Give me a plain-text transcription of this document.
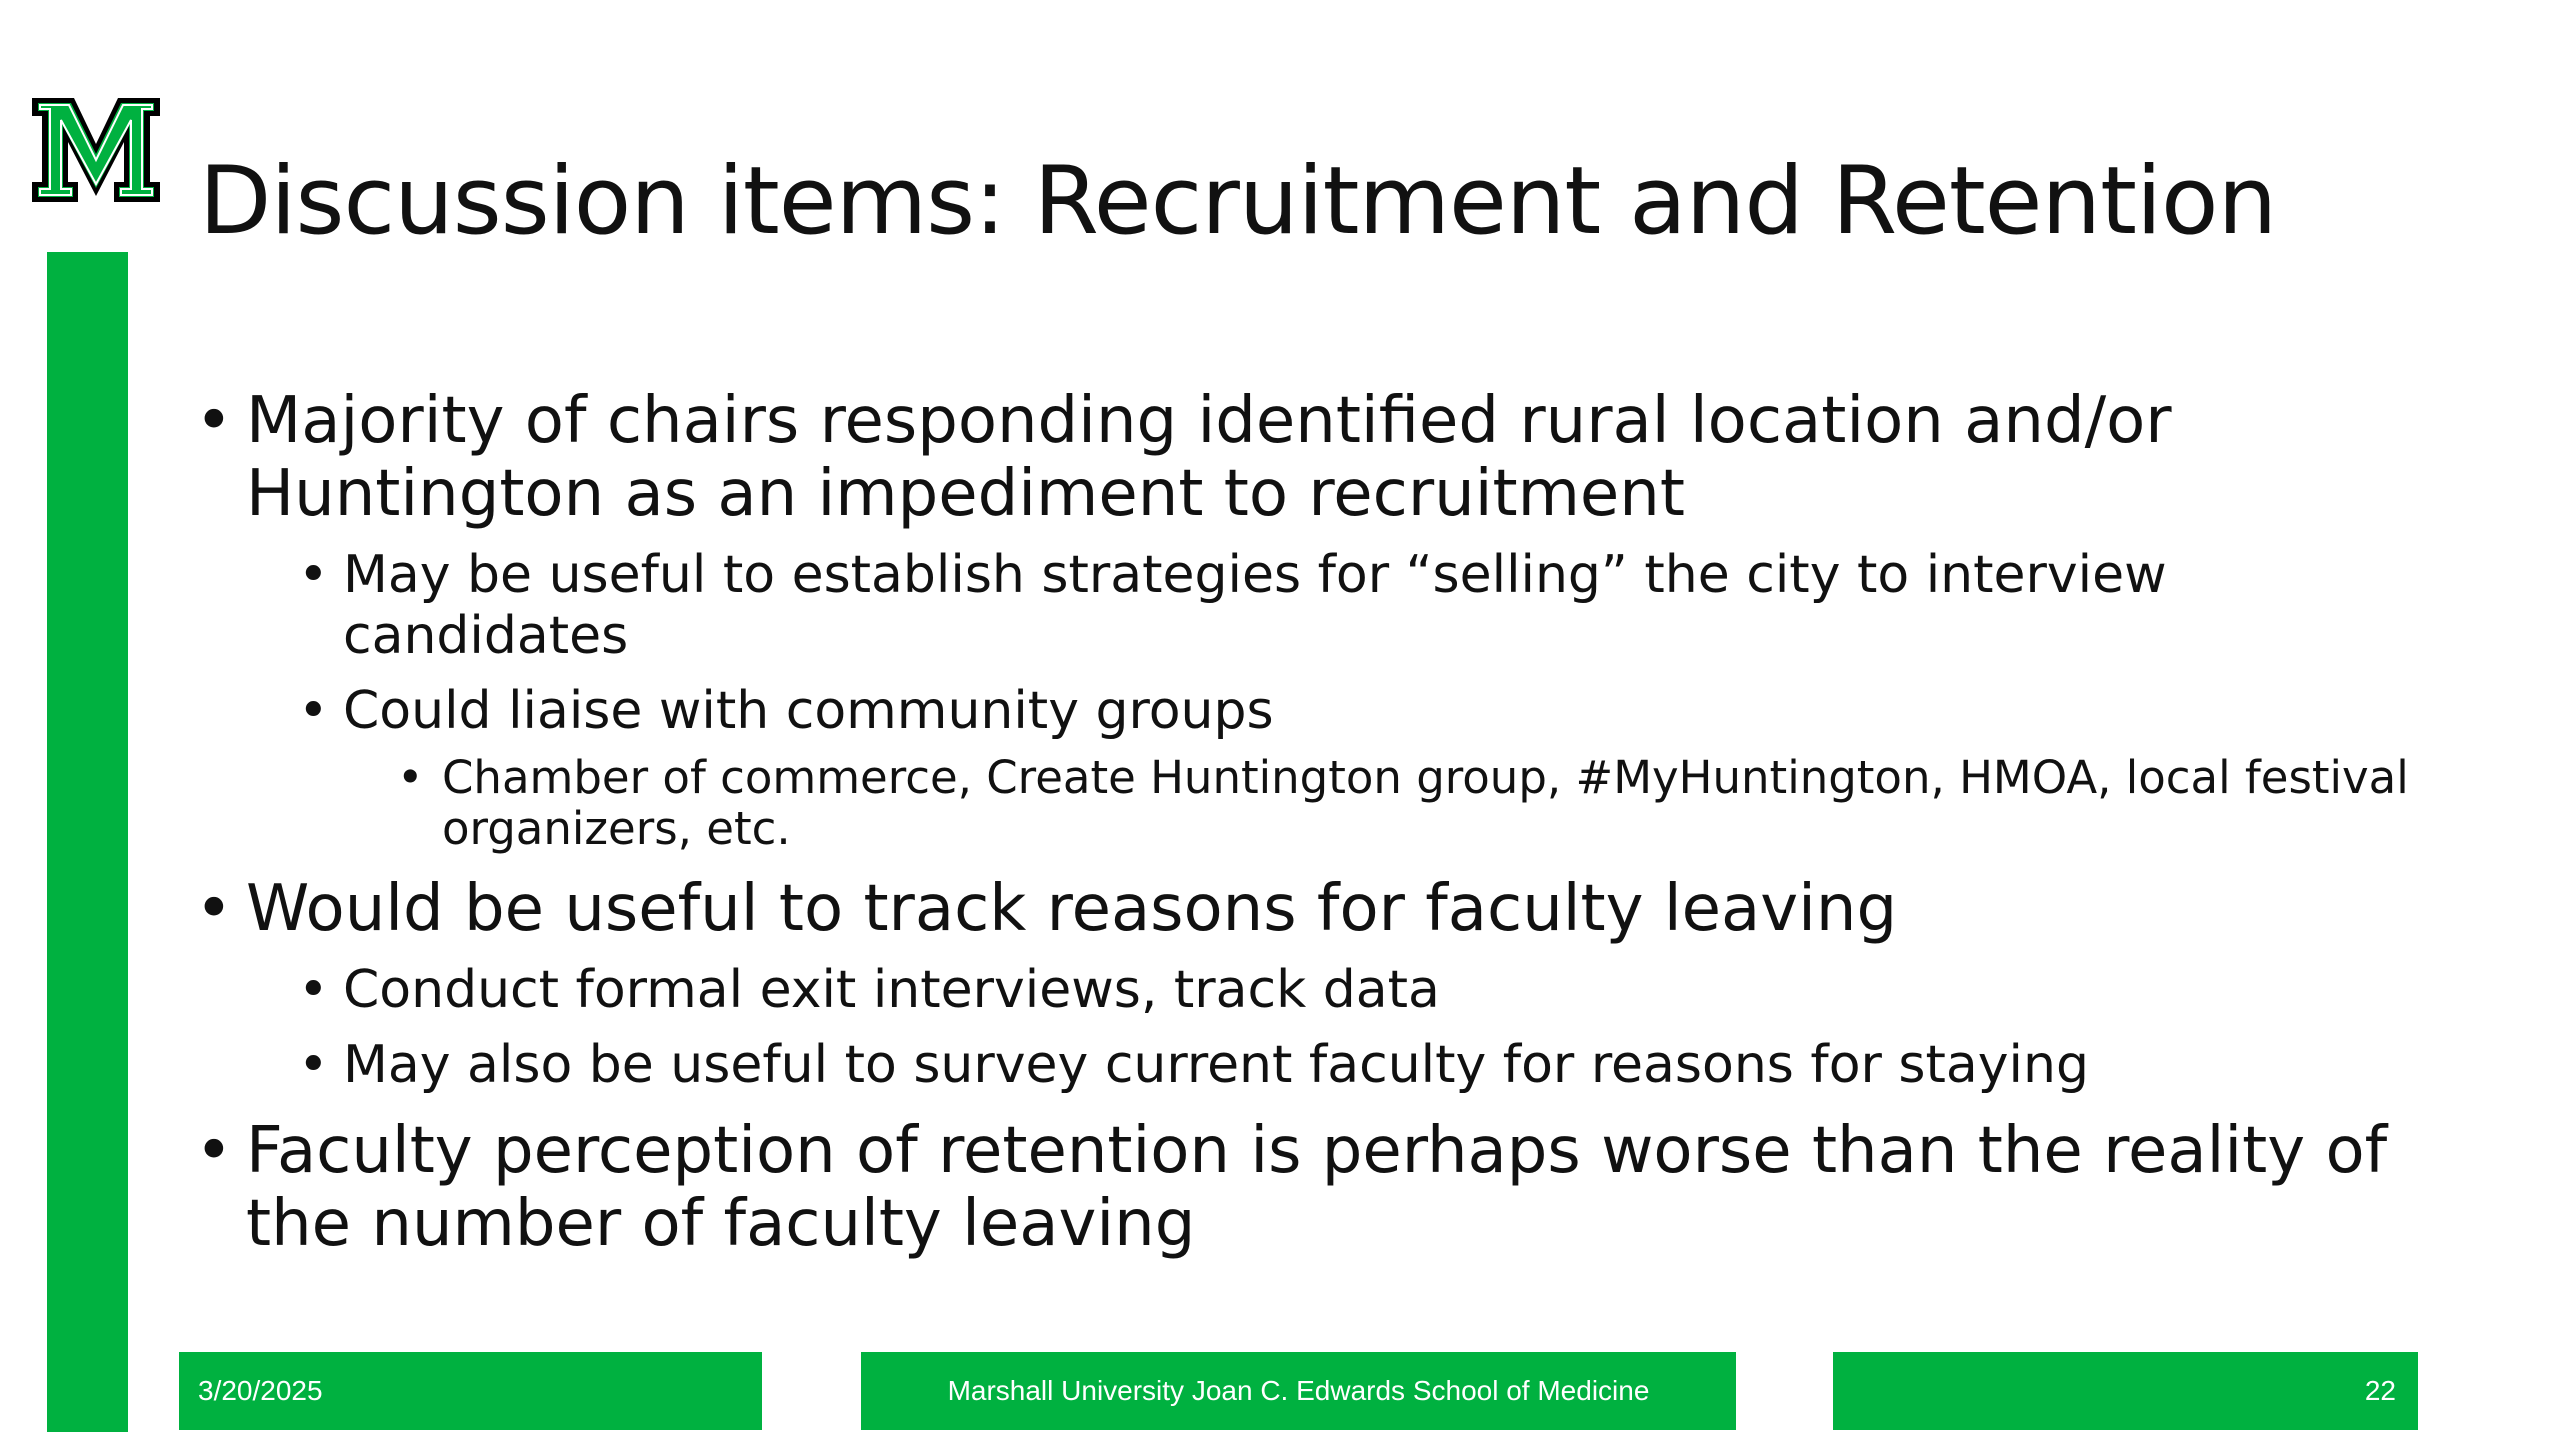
Discussion items: Recruitment and Retention
• Majority of chairs responding identified rural location and/or Huntington as an impediment to recruitment
• May be useful to establish strategies for “selling” the city to interview candidates
• Could liaise with community groups
• Chamber of commerce, Create Huntington group, #MyHuntington, HMOA, local festival organizers, etc.
• Would be useful to track reasons for faculty leaving
• Conduct formal exit interviews, track data
• May also be useful to survey current faculty for reasons for staying
• Faculty perception of retention is perhaps worse than the reality of the number of faculty leaving
3/20/2025	Marshall University Joan C. Edwards School of Medicine	22
